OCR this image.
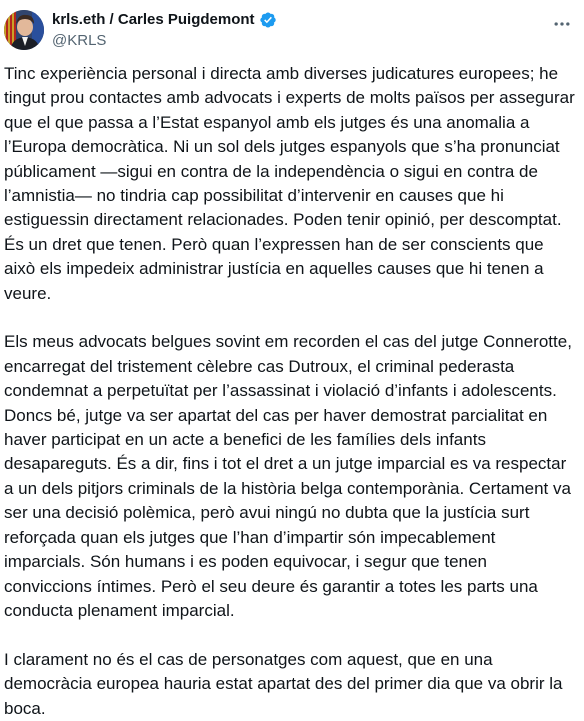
krls.eth / Carles Puigdemont
@KRLS

Tinc experiència personal i directa amb diverses judicatures europees; he tingut prou contactes amb advocats i experts de molts països per assegurar que el que passa a l’Estat espanyol amb els jutges és una anomalia a l’Europa democràtica. Ni un sol dels jutges espanyols que s’ha pronunciat públicament —sigui en contra de la independència o sigui en contra de l’amnistia— no tindria cap possibilitat d’intervenir en causes que hi estiguessin directament relacionades. Poden tenir opinió, per descomptat. És un dret que tenen. Però quan l’expressen han de ser conscients que això els impedeix administrar justícia en aquelles causes que hi tenen a veure.

Els meus advocats belgues sovint em recorden el cas del jutge Connerotte, encarregat del tristement cèlebre cas Dutroux, el criminal pederasta condemnat a perpetuïtat per l’assassinat i violació d’infants i adolescents. Doncs bé, jutge va ser apartat del cas per haver demostrat parcialitat en haver participat en un acte a benefici de les famílies dels infants desapareguts. És a dir, fins i tot el dret a un jutge imparcial es va respectar a un dels pitjors criminals de la història belga contemporània. Certament va ser una decisió polèmica, però avui ningú no dubta que la justícia surt reforçada quan els jutges que l’han d’impartir són impecablement imparcials. Són humans i es poden equivocar, i segur que tenen conviccions íntimes. Però el seu deure és garantir a totes les parts una conducta plenament imparcial.

I clarament no és el cas de personatges com aquest, que en una democràcia europea hauria estat apartat des del primer dia que va obrir la boca.
